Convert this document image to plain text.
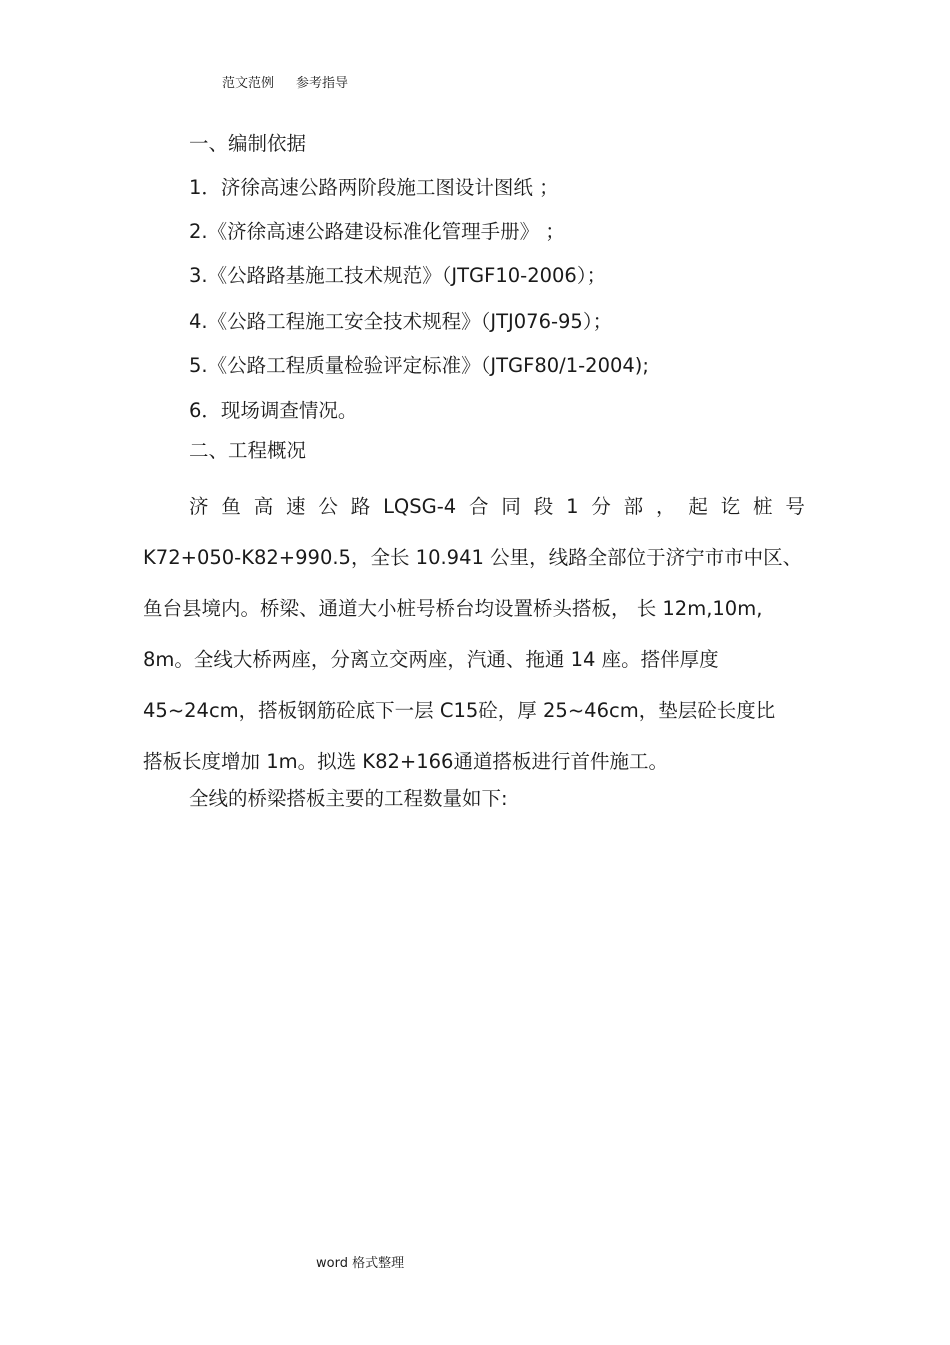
范文范例 参考指导
一、编制依据
1．济徐高速公路两阶段施工图设计图纸 ；
2.《济徐高速公路建设标准化管理手册》 ；
3.《公路路基施工技术规范》（JTGF10-2006）；
4.《公路工程施工安全技术规程》（JTJ076-95）；
5.《公路工程质量检验评定标准》（JTGF80/1-2004);
6．现场调查情况。
二、工程概况

济 鱼 高 速 公 路 LQSG-4 合 同 段 1 分 部 ， 起 讫 桩 号

K72+050-K82+990.5，全长 10.941 公里，线路全部位于济宁市市中区、

鱼台县境内。桥梁、通道大小桩号桥台均设置桥头搭板， 长 12m,10m,

8m。全线大桥两座，分离立交两座，汽通、拖通 14 座。搭伴厚度

45~24cm，搭板钢筋砼底下一层 C15砼，厚 25~46cm，垫层砼长度比

搭板长度增加 1m。拟选 K82+166通道搭板进行首件施工。

全线的桥梁搭板主要的工程数量如下:
word 格式整理
